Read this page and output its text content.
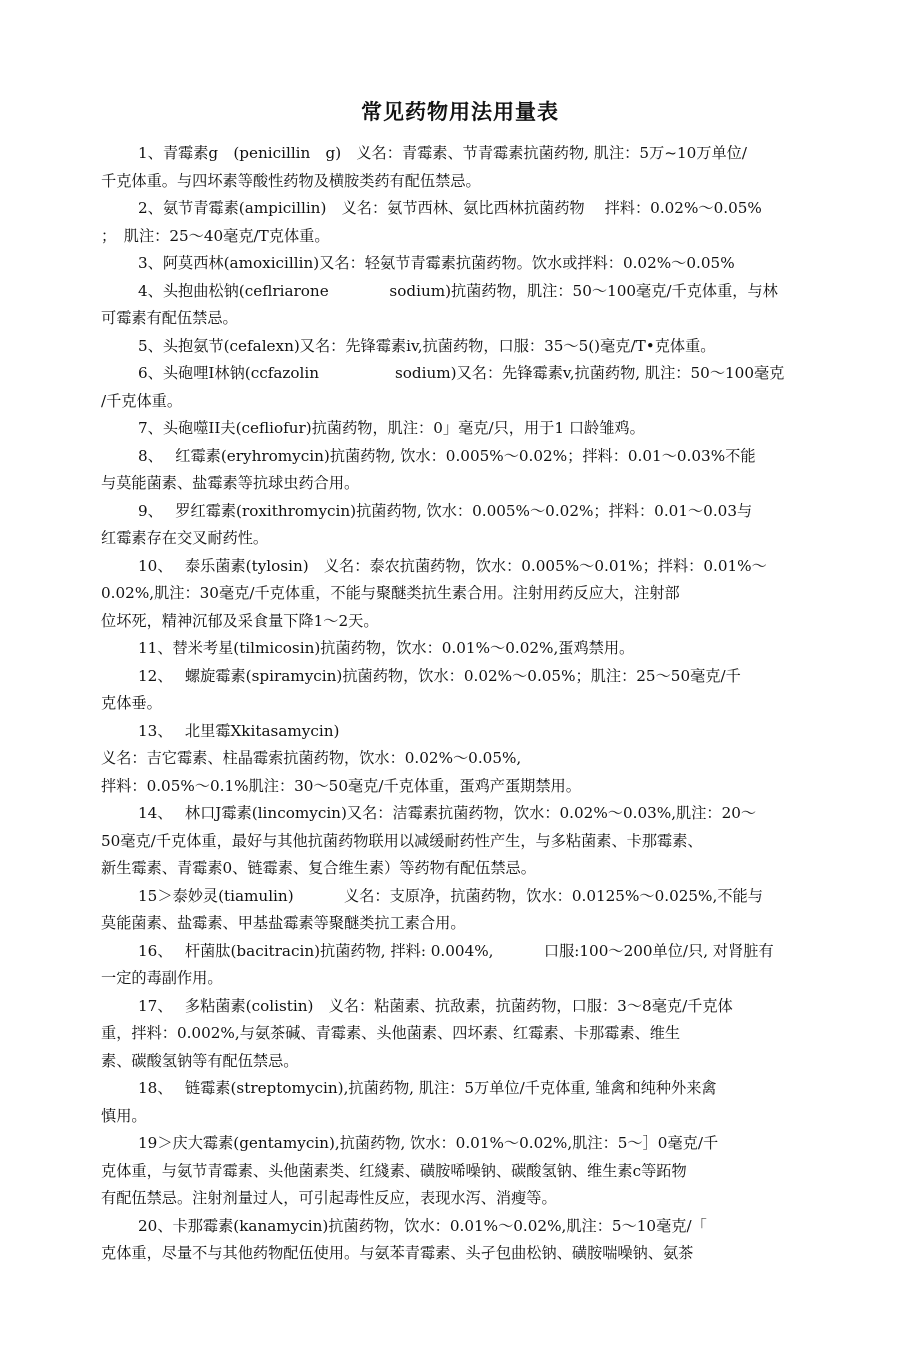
常见药物用法用量表
1、青霉素g　(penicillin　g)　义名：青霉素、节青霉素抗菌药物, 肌注：5万~10万单位/
千克体重。与四坏素等酸性药物及横胺类药有配伍禁忌。
2、氨节青霉素(ampicillin)　义名：氨节西林、氨比西林抗菌药物　 拌料：0.02%〜0.05%
；　肌注：25〜40毫克/T克体重。
3、阿莫西林(amoxicillin)又名：轻氨节青霉素抗菌药物。饮水或拌料：0.02%〜0.05%
4、头抱曲松钠(ceflriarone　　　　sodium)抗菌药物，肌注：50〜100毫克/千克体重，与林
可霉素有配伍禁忌。
5、头抱氨节(cefalexn)又名：先锋霉素iv,抗菌药物，口服：35〜5()毫克/T•克体重。
6、头砲哩I林钠(ccfazolin　　　　　sodium)又名：先锋霉素v,抗菌药物, 肌注：50〜100毫克
/千克体重。
7、头砲噬II夫(cefliofur)抗菌药物，肌注：0」毫克/只，用于1 口龄雏鸡。
8、　 红霉素(eryhromycin)抗菌药物, 饮水：0.005%〜0.02%；拌料：0.01〜0.03%不能
与莫能菌素、盐霉素等抗球虫药合用。
9、　 罗红霉素(roxithromycin)抗菌药物, 饮水：0.005%〜0.02%；拌料：0.01〜0.03与
红霉素存在交叉耐药性。
10、　 泰乐菌素(tylosin)　义名：泰农抗菌药物，饮水：0.005%〜0.01%；拌料：0.01%〜
0.02%,肌注：30毫克/千克体重，不能与聚醚类抗生素合用。注射用药反应大，注射部
位坏死，精神沉郁及采食量下降1〜2天。
11、替米考星(tilmicosin)抗菌药物，饮水：0.01%〜0.02%,蛋鸡禁用。
12、　 螺旋霉素(spiramycin)抗菌药物，饮水：0.02%〜0.05%；肌注：25〜50毫克/千
克体垂。
13、　 北里霉Xkitasamycin)
义名：吉它霉素、柱晶霉索抗菌药物，饮水：0.02%〜0.05%,
拌料：0.05%〜0.1%肌注：30〜50毫克/千克体重，蛋鸡产蛋期禁用。
14、　 林口J霉素(lincomycin)又名：洁霉素抗菌药物，饮水：0.02%〜0.03%,肌注：20〜
50毫克/千克体重，最好与其他抗菌药物联用以减缓耐药性产生，与多粘菌素、卡那霉素、
新生霉素、青霉素0、链霉素、复合维生素）等药物有配伍禁忌。
15＞泰妙灵(tiamulin)　　　 义名：支原净，抗菌药物，饮水：0.0125%〜0.025%,不能与
莫能菌素、盐霉素、甲基盐霉素等聚醚类抗工素合用。
16、　 杆菌肽(bacitracin)抗菌药物, 拌料: 0.004%,　　　 口服:100〜200单位/只, 对肾脏有
一定的毒副作用。
17、　 多粘菌素(colistin)　义名：粘菌素、抗敌素，抗菌药物，口服：3〜8毫克/千克体
重，拌料：0.002%,与氨茶碱、青霉素、头他菌素、四坏素、红霉素、卡那霉素、维生
素、碳酸氢钠等有配伍禁忌。
18、　 链霉素(streptomycin),抗菌药物, 肌注：5万单位/千克体重, 雏禽和纯种外来禽
慎用。
19＞庆大霉素(gentamycin),抗菌药物, 饮水：0.01%〜0.02%,肌注：5〜］0毫克/千
克体重，与氨节青霉素、头他菌素类、红綫素、磺胺唏噪钠、碳酸氢钠、维生素c等跖物
有配伍禁忌。注射剂量过人，可引起毒性反应，表现水泻、消瘦等。
20、卡那霉素(kanamycin)抗菌药物，饮水：0.01%〜0.02%,肌注：5〜10毫克/「
克体重，尽量不与其他药物配伍使用。与氨苯青霉素、头孑包曲松钠、磺胺喘噪钠、氨茶
